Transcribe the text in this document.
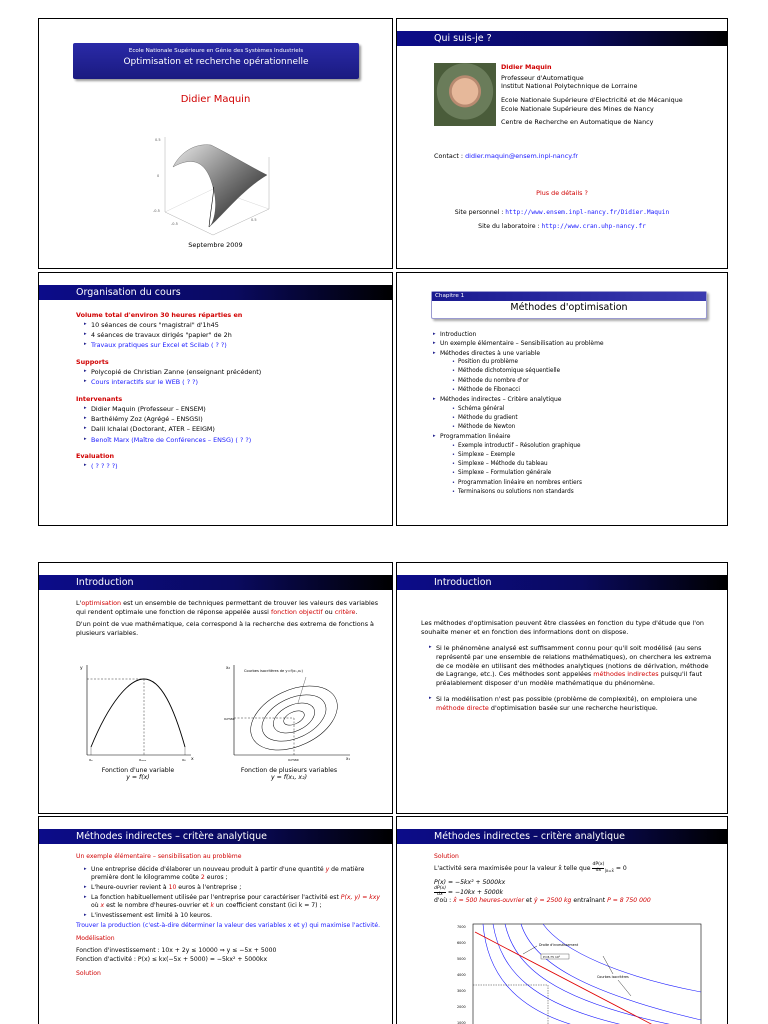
Ecole Nationale Supérieure en Génie des Systèmes Industriels
Optimisation et recherche opérationnelle
Didier Maquin
0.5
0
-0.5
-0.5
0.5
Septembre 2009
Qui suis-je ?
Didier Maquin
Professeur d'Automatique
Institut National Polytechnique de Lorraine
Ecole Nationale Supérieure d'Electricité et de Mécanique
Ecole Nationale Supérieure des Mines de Nancy
Centre de Recherche en Automatique de Nancy
Contact : didier.maquin@ensem.inpl-nancy.fr
Plus de détails ?
Site personnel : http://www.ensem.inpl-nancy.fr/Didier.Maquin
Site du laboratoire : http://www.cran.uhp-nancy.fr
Organisation du cours
Volume total d'environ 30 heures réparties en
▸ 10 séances de cours "magistral" d'1h45
▸ 4 séances de travaux dirigés "papier" de 2h
▸ Travaux pratiques sur Excel et Scilab ( ? ?)
Supports
▸ Polycopié de Christian Zanne (enseignant précédent)
▸ Cours interactifs sur le WEB ( ? ?)
Intervenants
▸ Didier Maquin (Professeur – ENSEM)
▸ Barthélémy Zoz (Agrégé – ENSGSI)
▸ Dalil Ichalal (Doctorant, ATER – EEIGM)
▸ Benoît Marx (Maître de Conférences – ENSG) ( ? ?)
Evaluation
▸ ( ? ? ? ?)
Chapitre 1
Méthodes d'optimisation
▸ Introduction
▸ Un exemple élémentaire – Sensibilisation au problème
▸ Méthodes directes à une variable
• Position du problème
• Méthode dichotomique séquentielle
• Méthode du nombre d'or
• Méthode de Fibonacci
▸ Méthodes indirectes – Critère analytique
• Schéma général
• Méthode du gradient
• Méthode de Newton
▸ Programmation linéaire
• Exemple introductif – Résolution graphique
• Simplexe – Exemple
• Simplexe – Méthode du tableau
• Simplexe – Formulation générale
• Programmation linéaire en nombres entiers
• Terminaisons ou solutions non standards
Introduction

L'optimisation est un ensemble de techniques permettant de trouver les valeurs des variables qui rendent optimale une fonction de réponse appelée aussi fonction objectif ou critère.

D'un point de vue mathématique, cela correspond à la recherche des extrema de fonctions à plusieurs variables.

y
x
xₐ	xₘₐₓ	xᵦ
Fonction d'une variable
y = f(x)
Courbes isocritères de y=f(x₁,x₂)
x₂
x₁
x₂max
x₁max
Fonction de plusieurs variables
y = f(x₁, x₂)
Introduction

Les méthodes d'optimisation peuvent être classées en fonction du type d'étude que l'on souhaite mener et en fonction des informations dont on dispose.

▸ Si le phénomène analysé est suffisamment connu pour qu'il soit modélisé (au sens représenté par une ensemble de relations mathématiques), on cherchera les extrema de ce modèle en utilisant des méthodes analytiques (notions de dérivation, méthode de Lagrange, etc.). Ces méthodes sont appelées méthodes indirectes puisqu'il faut préalablement disposer d'un modèle mathématique du phénomène.
▸ Si la modélisation n'est pas possible (problème de complexité), on emploiera une méthode directe d'optimisation basée sur une recherche heuristique.
Méthodes indirectes – critère analytique
Un exemple élémentaire – sensibilisation au problème
▸ Une entreprise décide d'élaborer un nouveau produit à partir d'une quantité y de matière première dont le kilogramme coûte 2 euros ;
▸ L'heure-ouvrier revient à 10 euros à l'entreprise ;
▸ La fonction habituellement utilisée par l'entreprise pour caractériser l'activité est P(x, y) = kxy où x est le nombre d'heures-ouvrier et k un coefficient constant (ici k = 7) ;
▸ L'investissement est limité à 10 keuros.

Trouver la production (c'est-à-dire déterminer la valeur des variables x et y) qui maximise l'activité.

Modélisation
Fonction d'investissement : 10x + 2y ≤ 10000 ⇒ y ≤ −5x + 5000
Fonction d'activité : P(x) ≤ kx(−5x + 5000) = −5kx² + 5000kx
Solution
Méthodes indirectes – critère analytique
Solution
L'activité sera maximisée pour la valeur x̂ telle que $\frac{dP(x)}{dx} _{|x=x̂} = 0$
P(x) = −5kx² + 5000kx
$\frac{dP(x)}{dx} = -10kx + 5000k$
d'où : x̂ = 500 heures-ouvrier et ŷ = 2500 kg entraînant P = 8 750 000
7000
6000
5000
4000
3000
2000
1000
Droite d'investissement
P=8.75 10⁶
Courbes isocritères
